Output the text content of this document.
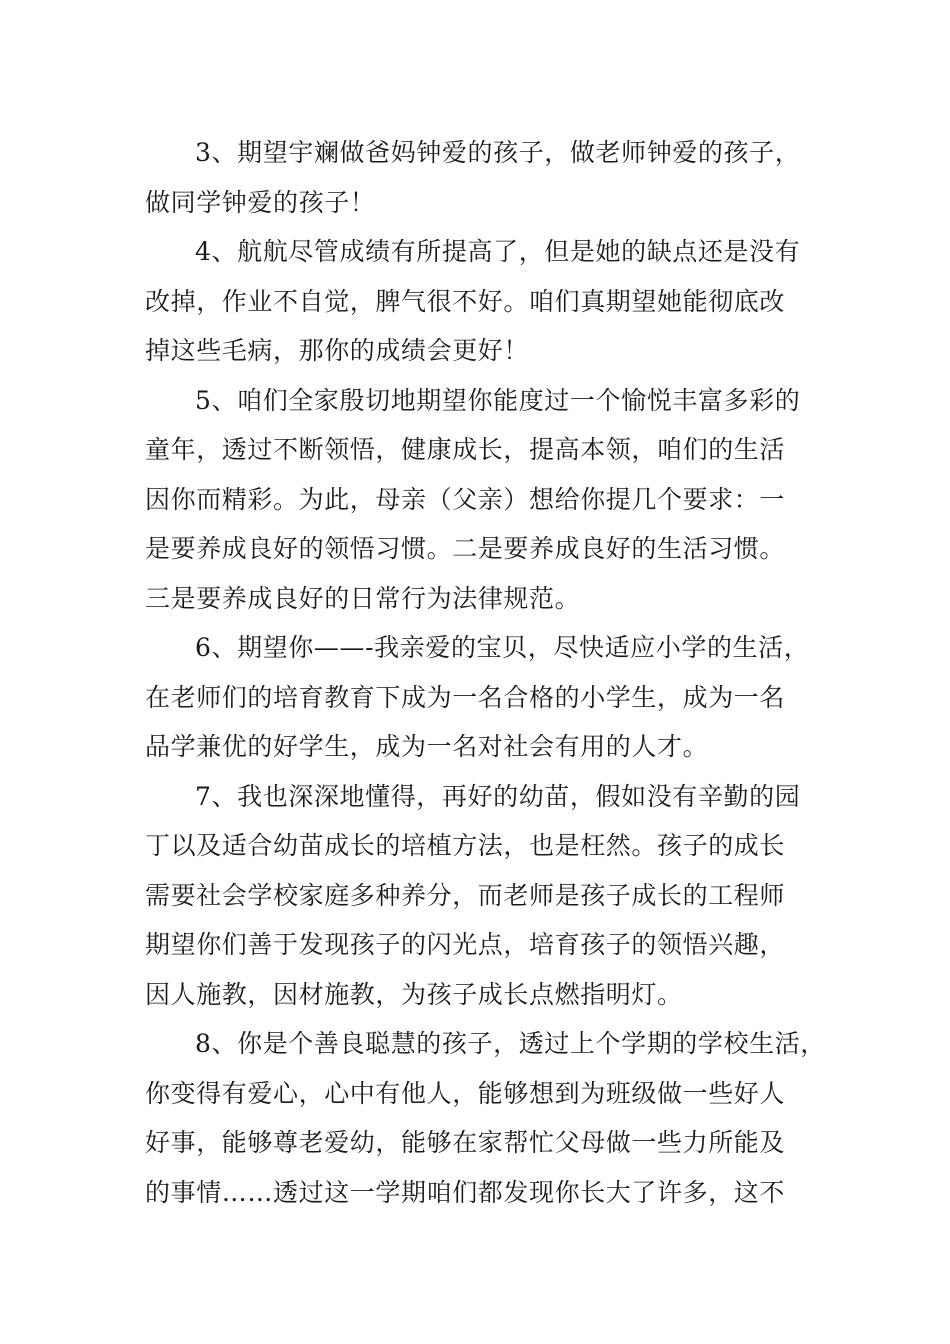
3、期望宇斓做爸妈钟爱的孩子，做老师钟爱的孩子，
做同学钟爱的孩子！

4、航航尽管成绩有所提高了，但是她的缺点还是没有
改掉，作业不自觉，脾气很不好。咱们真期望她能彻底改
掉这些毛病，那你的成绩会更好！

5、咱们全家殷切地期望你能度过一个愉悦丰富多彩的
童年，透过不断领悟，健康成长，提高本领，咱们的生活
因你而精彩。为此，母亲（父亲）想给你提几个要求：一
是要养成良好的领悟习惯。二是要养成良好的生活习惯。
三是要养成良好的日常行为法律规范。

6、期望你——-我亲爱的宝贝，尽快适应小学的生活，
在老师们的培育教育下成为一名合格的小学生，成为一名
品学兼优的好学生，成为一名对社会有用的人才。

7、我也深深地懂得，再好的幼苗，假如没有辛勤的园
丁以及适合幼苗成长的培植方法，也是枉然。孩子的成长
需要社会学校家庭多种养分，而老师是孩子成长的工程师
期望你们善于发现孩子的闪光点，培育孩子的领悟兴趣，
因人施教，因材施教，为孩子成长点燃指明灯。

8、你是个善良聪慧的孩子，透过上个学期的学校生活，
你变得有爱心，心中有他人，能够想到为班级做一些好人
好事，能够尊老爱幼，能够在家帮忙父母做一些力所能及
的事情……透过这一学期咱们都发现你长大了许多，这不
